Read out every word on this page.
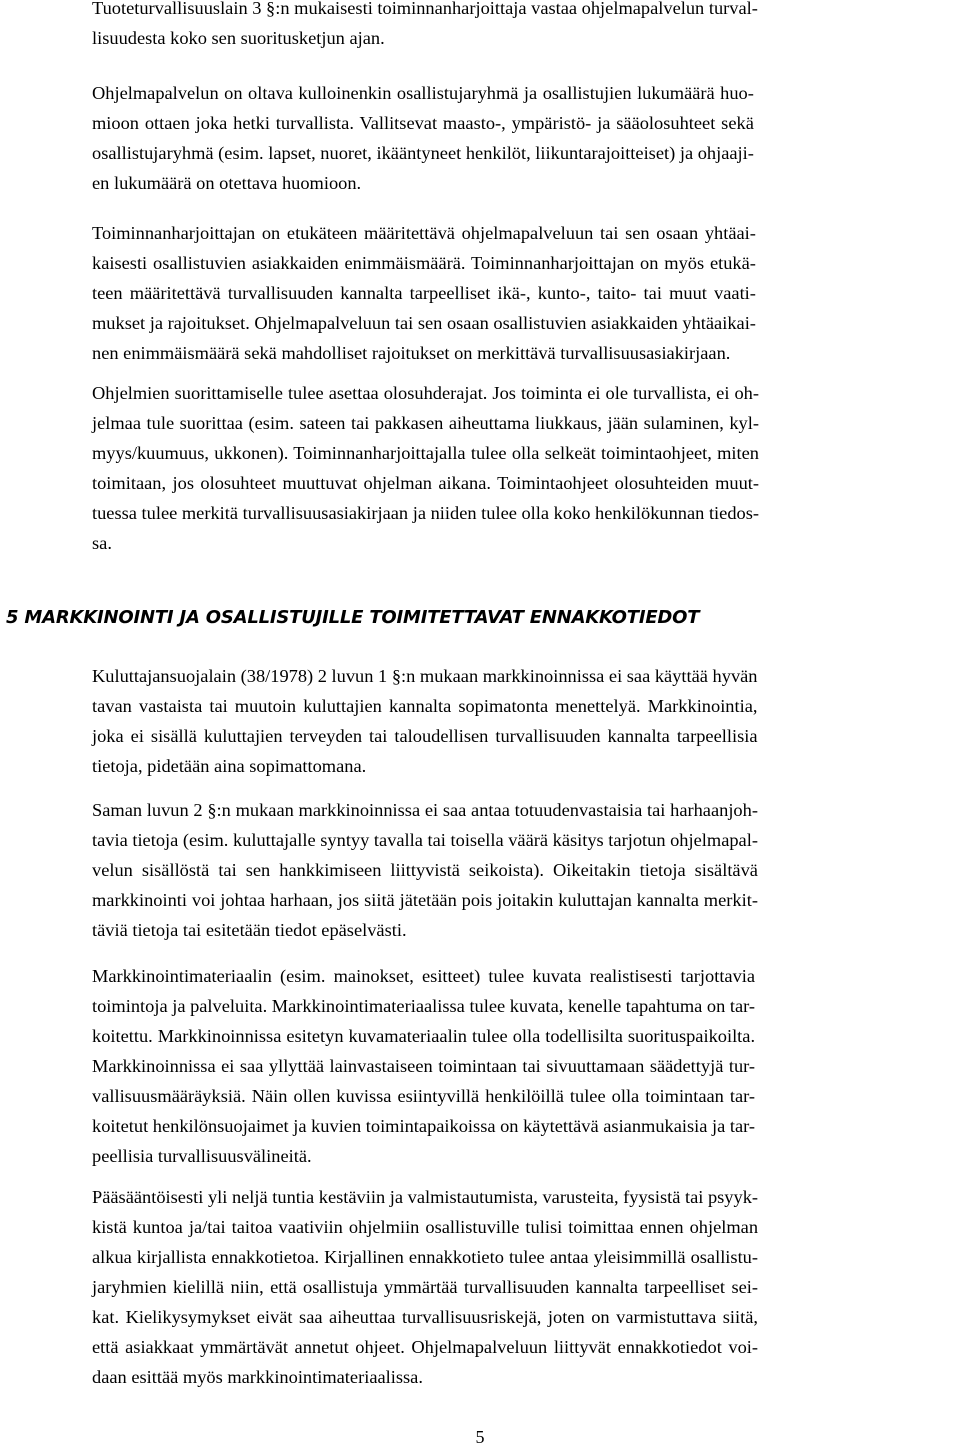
Tuoteturvallisuuslain 3 §:n mukaisesti toiminnanharjoittaja vastaa ohjelmapalvelun turval-
lisuudesta koko sen suoritusketjun ajan.
Ohjelmapalvelun on oltava kulloinenkin osallistujaryhmä ja osallistujien lukumäärä huo-
mioon ottaen joka hetki turvallista. Vallitsevat maasto-, ympäristö- ja sääolosuhteet sekä
osallistujaryhmä (esim. lapset, nuoret, ikääntyneet henkilöt, liikuntarajoitteiset) ja ohjaaji-
en lukumäärä on otettava huomioon.
Toiminnanharjoittajan on etukäteen määritettävä ohjelmapalveluun tai sen osaan yhtäai-
kaisesti osallistuvien asiakkaiden enimmäismäärä. Toiminnanharjoittajan on myös etukä-
teen määritettävä turvallisuuden kannalta tarpeelliset ikä-, kunto-, taito- tai muut vaati-
mukset ja rajoitukset. Ohjelmapalveluun tai sen osaan osallistuvien asiakkaiden yhtäaikai-
nen enimmäismäärä sekä mahdolliset rajoitukset on merkittävä turvallisuusasiakirjaan.
Ohjelmien suorittamiselle tulee asettaa olosuhderajat. Jos toiminta ei ole turvallista, ei oh-
jelmaa tule suorittaa (esim. sateen tai pakkasen aiheuttama liukkaus, jään sulaminen, kyl-
myys/kuumuus, ukkonen). Toiminnanharjoittajalla tulee olla selkeät toimintaohjeet, miten
toimitaan, jos olosuhteet muuttuvat ohjelman aikana. Toimintaohjeet olosuhteiden muut-
tuessa tulee merkitä turvallisuusasiakirjaan ja niiden tulee olla koko henkilökunnan tiedos-
sa.
Kuluttajansuojalain (38/1978) 2 luvun 1 §:n mukaan markkinoinnissa ei saa käyttää hyvän
tavan vastaista tai muutoin kuluttajien kannalta sopimatonta menettelyä. Markkinointia,
joka ei sisällä kuluttajien terveyden tai taloudellisen turvallisuuden kannalta tarpeellisia
tietoja, pidetään aina sopimattomana.
Saman luvun 2 §:n mukaan markkinoinnissa ei saa antaa totuudenvastaisia tai harhaanjoh-
tavia tietoja (esim. kuluttajalle syntyy tavalla tai toisella väärä käsitys tarjotun ohjelmapal-
velun sisällöstä tai sen hankkimiseen liittyvistä seikoista). Oikeitakin tietoja sisältävä
markkinointi voi johtaa harhaan, jos siitä jätetään pois joitakin kuluttajan kannalta merkit-
täviä tietoja tai esitetään tiedot epäselvästi.
Markkinointimateriaalin (esim. mainokset, esitteet) tulee kuvata realistisesti tarjottavia
toimintoja ja palveluita. Markkinointimateriaalissa tulee kuvata, kenelle tapahtuma on tar-
koitettu. Markkinoinnissa esitetyn kuvamateriaalin tulee olla todellisilta suorituspaikoilta.
Markkinoinnissa ei saa yllyttää lainvastaiseen toimintaan tai sivuuttamaan säädettyjä tur-
vallisuusmääräyksiä. Näin ollen kuvissa esiintyvillä henkilöillä tulee olla toimintaan tar-
koitetut henkilönsuojaimet ja kuvien toimintapaikoissa on käytettävä asianmukaisia ja tar-
peellisia turvallisuusvälineitä.
Pääsääntöisesti yli neljä tuntia kestäviin ja valmistautumista, varusteita, fyysistä tai psyyk-
kistä kuntoa ja/tai taitoa vaativiin ohjelmiin osallistuville tulisi toimittaa ennen ohjelman
alkua kirjallista ennakkotietoa. Kirjallinen ennakkotieto tulee antaa yleisimmillä osallistu-
jaryhmien kielillä niin, että osallistuja ymmärtää turvallisuuden kannalta tarpeelliset sei-
kat. Kielikysymykset eivät saa aiheuttaa turvallisuusriskejä, joten on varmistuttava siitä,
että asiakkaat ymmärtävät annetut ohjeet. Ohjelmapalveluun liittyvät ennakkotiedot voi-
daan esittää myös markkinointimateriaalissa.
5 MARKKINOINTI JA OSALLISTUJILLE TOIMITETTAVAT ENNAKKOTIEDOT
5
